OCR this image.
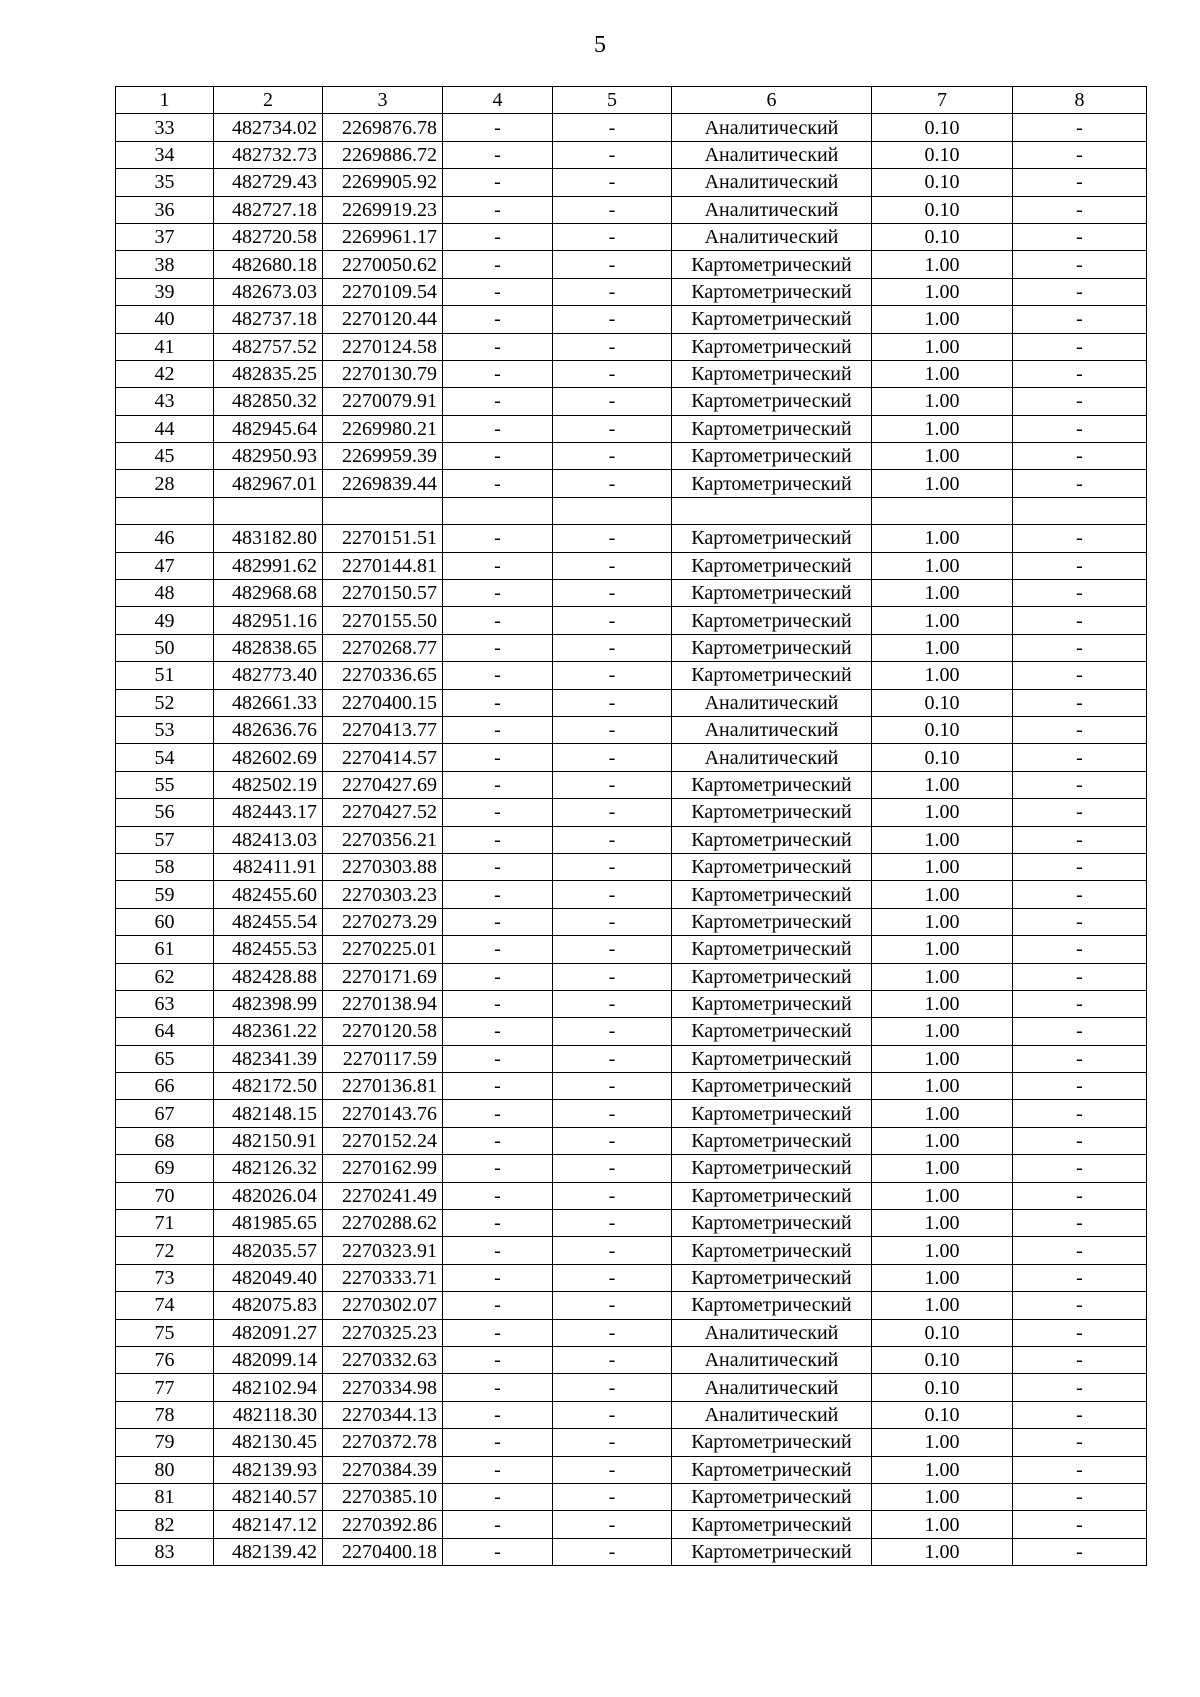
5
1	2	3	4	5	6	7	8
33	482734.02	2269876.78	-	-	Аналитический	0.10	-
34	482732.73	2269886.72	-	-	Аналитический	0.10	-
35	482729.43	2269905.92	-	-	Аналитический	0.10	-
36	482727.18	2269919.23	-	-	Аналитический	0.10	-
37	482720.58	2269961.17	-	-	Аналитический	0.10	-
38	482680.18	2270050.62	-	-	Картометрический	1.00	-
39	482673.03	2270109.54	-	-	Картометрический	1.00	-
40	482737.18	2270120.44	-	-	Картометрический	1.00	-
41	482757.52	2270124.58	-	-	Картометрический	1.00	-
42	482835.25	2270130.79	-	-	Картометрический	1.00	-
43	482850.32	2270079.91	-	-	Картометрический	1.00	-
44	482945.64	2269980.21	-	-	Картометрический	1.00	-
45	482950.93	2269959.39	-	-	Картометрический	1.00	-
28	482967.01	2269839.44	-	-	Картометрический	1.00	-

46	483182.80	2270151.51	-	-	Картометрический	1.00	-
47	482991.62	2270144.81	-	-	Картометрический	1.00	-
48	482968.68	2270150.57	-	-	Картометрический	1.00	-
49	482951.16	2270155.50	-	-	Картометрический	1.00	-
50	482838.65	2270268.77	-	-	Картометрический	1.00	-
51	482773.40	2270336.65	-	-	Картометрический	1.00	-
52	482661.33	2270400.15	-	-	Аналитический	0.10	-
53	482636.76	2270413.77	-	-	Аналитический	0.10	-
54	482602.69	2270414.57	-	-	Аналитический	0.10	-
55	482502.19	2270427.69	-	-	Картометрический	1.00	-
56	482443.17	2270427.52	-	-	Картометрический	1.00	-
57	482413.03	2270356.21	-	-	Картометрический	1.00	-
58	482411.91	2270303.88	-	-	Картометрический	1.00	-
59	482455.60	2270303.23	-	-	Картометрический	1.00	-
60	482455.54	2270273.29	-	-	Картометрический	1.00	-
61	482455.53	2270225.01	-	-	Картометрический	1.00	-
62	482428.88	2270171.69	-	-	Картометрический	1.00	-
63	482398.99	2270138.94	-	-	Картометрический	1.00	-
64	482361.22	2270120.58	-	-	Картометрический	1.00	-
65	482341.39	2270117.59	-	-	Картометрический	1.00	-
66	482172.50	2270136.81	-	-	Картометрический	1.00	-
67	482148.15	2270143.76	-	-	Картометрический	1.00	-
68	482150.91	2270152.24	-	-	Картометрический	1.00	-
69	482126.32	2270162.99	-	-	Картометрический	1.00	-
70	482026.04	2270241.49	-	-	Картометрический	1.00	-
71	481985.65	2270288.62	-	-	Картометрический	1.00	-
72	482035.57	2270323.91	-	-	Картометрический	1.00	-
73	482049.40	2270333.71	-	-	Картометрический	1.00	-
74	482075.83	2270302.07	-	-	Картометрический	1.00	-
75	482091.27	2270325.23	-	-	Аналитический	0.10	-
76	482099.14	2270332.63	-	-	Аналитический	0.10	-
77	482102.94	2270334.98	-	-	Аналитический	0.10	-
78	482118.30	2270344.13	-	-	Аналитический	0.10	-
79	482130.45	2270372.78	-	-	Картометрический	1.00	-
80	482139.93	2270384.39	-	-	Картометрический	1.00	-
81	482140.57	2270385.10	-	-	Картометрический	1.00	-
82	482147.12	2270392.86	-	-	Картометрический	1.00	-
83	482139.42	2270400.18	-	-	Картометрический	1.00	-
